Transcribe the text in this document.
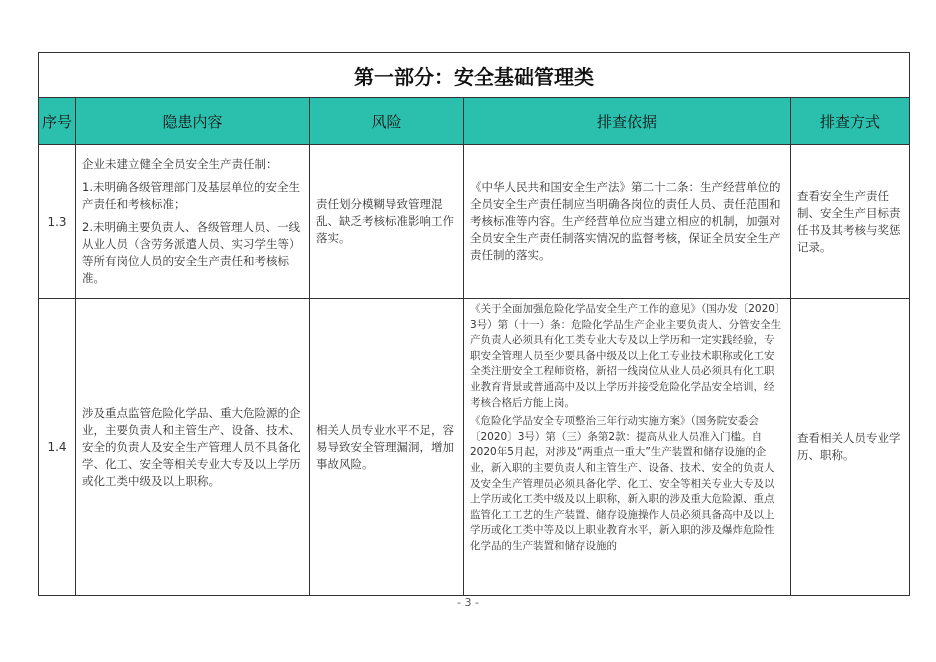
第一部分：安全基础管理类				
序号	隐患内容	风险	排查依据	排查方式
1.3	企业未建立健全全员安全生产责任制：

1.未明确各级管理部门及基层单位的安全生产责任和考核标准；

2.未明确主要负责人、各级管理人员、一线从业人员（含劳务派遣人员、实习学生等）等所有岗位人员的安全生产责任和考核标准。	责任划分模糊导致管理混乱、缺乏考核标准影响工作落实。	《中华人民共和国安全生产法》第二十二条：生产经营单位的全员安全生产责任制应当明确各岗位的责任人员、责任范围和考核标准等内容。生产经营单位应当建立相应的机制，加强对全员安全生产责任制落实情况的监督考核，保证全员安全生产责任制的落实。	查看安全生产责任制、安全生产目标责任书及其考核与奖惩记录。
1.4	涉及重点监管危险化学品、重大危险源的企业，主要负责人和主管生产、设备、技术、安全的负责人及安全生产管理人员不具备化学、化工、安全等相关专业大专及以上学历或化工类中级及以上职称。	相关人员专业水平不足，容易导致安全管理漏洞，增加事故风险。	《关于全面加强危险化学品安全生产工作的意见》（国办发〔2020〕3号）第（十一）条：危险化学品生产企业主要负责人、分管安全生产负责人必须具有化工类专业大专及以上学历和一定实践经验，专职安全管理人员至少要具备中级及以上化工专业技术职称或化工安全类注册安全工程师资格，新招一线岗位从业人员必须具有化工职业教育背景或普通高中及以上学历并接受危险化学品安全培训，经考核合格后方能上岗。

《危险化学品安全专项整治三年行动实施方案》（国务院安委会〔2020〕3号）第（三）条第2款：提高从业人员准入门槛。自2020年5月起，对涉及“两重点一重大”生产装置和储存设施的企业，新入职的主要负责人和主管生产、设备、技术、安全的负责人及安全生产管理员必须具备化学、化工、安全等相关专业大专及以上学历或化工类中级及以上职称，新入职的涉及重大危险源、重点监管化工工艺的生产装置、储存设施操作人员必须具备高中及以上学历或化工类中等及以上职业教育水平，新入职的涉及爆炸危险性化学品的生产装置和储存设施的	查看相关人员专业学历、职称。
- 3 -
